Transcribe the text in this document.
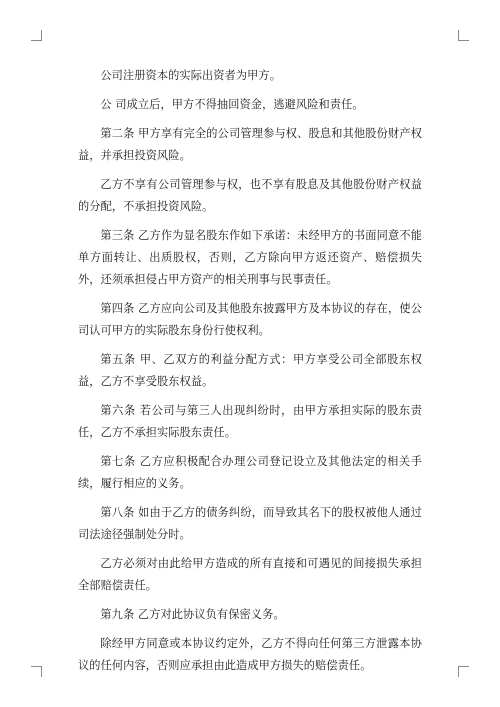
公司注册资本的实际出资者为甲方。

公 司成立后，甲方不得抽回资金，逃避风险和责任。

第二条 甲方享有完全的公司管理参与权、股息和其他股份财产权益，并承担投资风险。

乙方不享有公司管理参与权，也不享有股息及其他股份财产权益的分配，不承担投资风险。

第三条 乙方作为显名股东作如下承诺：未经甲方的书面同意不能单方面转让、出质股权，否则，乙方除向甲方返还资产、赔偿损失外，还须承担侵占甲方资产的相关刑事与民事责任。

第四条 乙方应向公司及其他股东披露甲方及本协议的存在，使公司认可甲方的实际股东身份行使权利。

第五条 甲、乙双方的利益分配方式：甲方享受公司全部股东权益，乙方不享受股东权益。

第六条 若公司与第三人出现纠纷时，由甲方承担实际的股东责任，乙方不承担实际股东责任。

第七条 乙方应积极配合办理公司登记设立及其他法定的相关手续，履行相应的义务。

第八条 如由于乙方的债务纠纷，而导致其名下的股权被他人通过司法途径强制处分时。

乙方必须对由此给甲方造成的所有直接和可遇见的间接损失承担 全部赔偿责任。

第九条 乙方对此协议负有保密义务。

除经甲方同意或本协议约定外，乙方不得向任何第三方泄露本协议的任何内容，否则应承担由此造成甲方损失的赔偿责任。
